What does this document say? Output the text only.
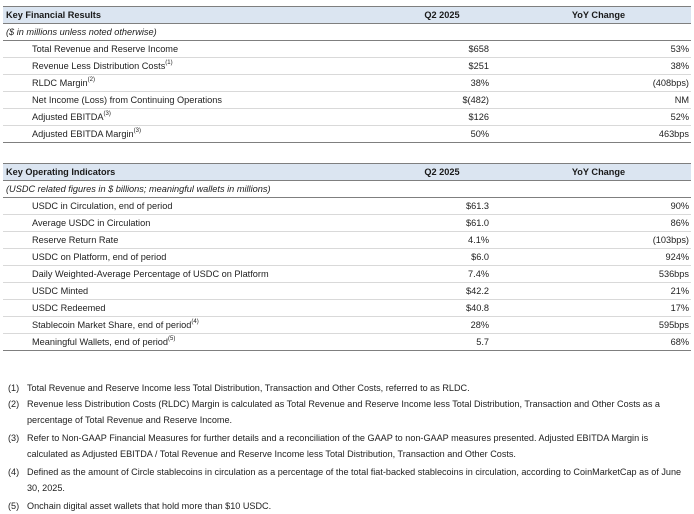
Key Financial Results	Q2 2025	YoY Change
($ in millions unless noted otherwise)		
Total Revenue and Reserve Income	$658	53%
Revenue Less Distribution Costs$^{(1)}$	$251	38%
RLDC Margin$^{(2)}$	38%	(408bps)
Net Income (Loss) from Continuing Operations	$(482)	NM
Adjusted EBITDA$^{(3)}$	$126	52%
Adjusted EBITDA Margin$^{(3)}$	50%	463bps
Key Operating Indicators	Q2 2025	YoY Change
(USDC related figures in $ billions; meaningful wallets in millions)		
USDC in Circulation, end of period	$61.3	90%
Average USDC in Circulation	$61.0	86%
Reserve Return Rate	4.1%	(103bps)
USDC on Platform, end of period	$6.0	924%
Daily Weighted-Average Percentage of USDC on Platform	7.4%	536bps
USDC Minted	$42.2	21%
USDC Redeemed	$40.8	17%
Stablecoin Market Share, end of period$^{(4)}$	28%	595bps
Meaningful Wallets, end of period$^{(5)}$	5.7	68%
(1) Total Revenue and Reserve Income less Total Distribution, Transaction and Other Costs, referred to as RLDC.
(2) Revenue less Distribution Costs (RLDC) Margin is calculated as Total Revenue and Reserve Income less Total Distribution, Transaction and Other Costs as a percentage of Total Revenue and Reserve Income.
(3) Refer to Non-GAAP Financial Measures for further details and a reconciliation of the GAAP to non-GAAP measures presented. Adjusted EBITDA Margin is calculated as Adjusted EBITDA / Total Revenue and Reserve Income less Total Distribution, Transaction and Other Costs.
(4) Defined as the amount of Circle stablecoins in circulation as a percentage of the total fiat-backed stablecoins in circulation, according to CoinMarketCap as of June 30, 2025.
(5) Onchain digital asset wallets that hold more than $10 USDC.
